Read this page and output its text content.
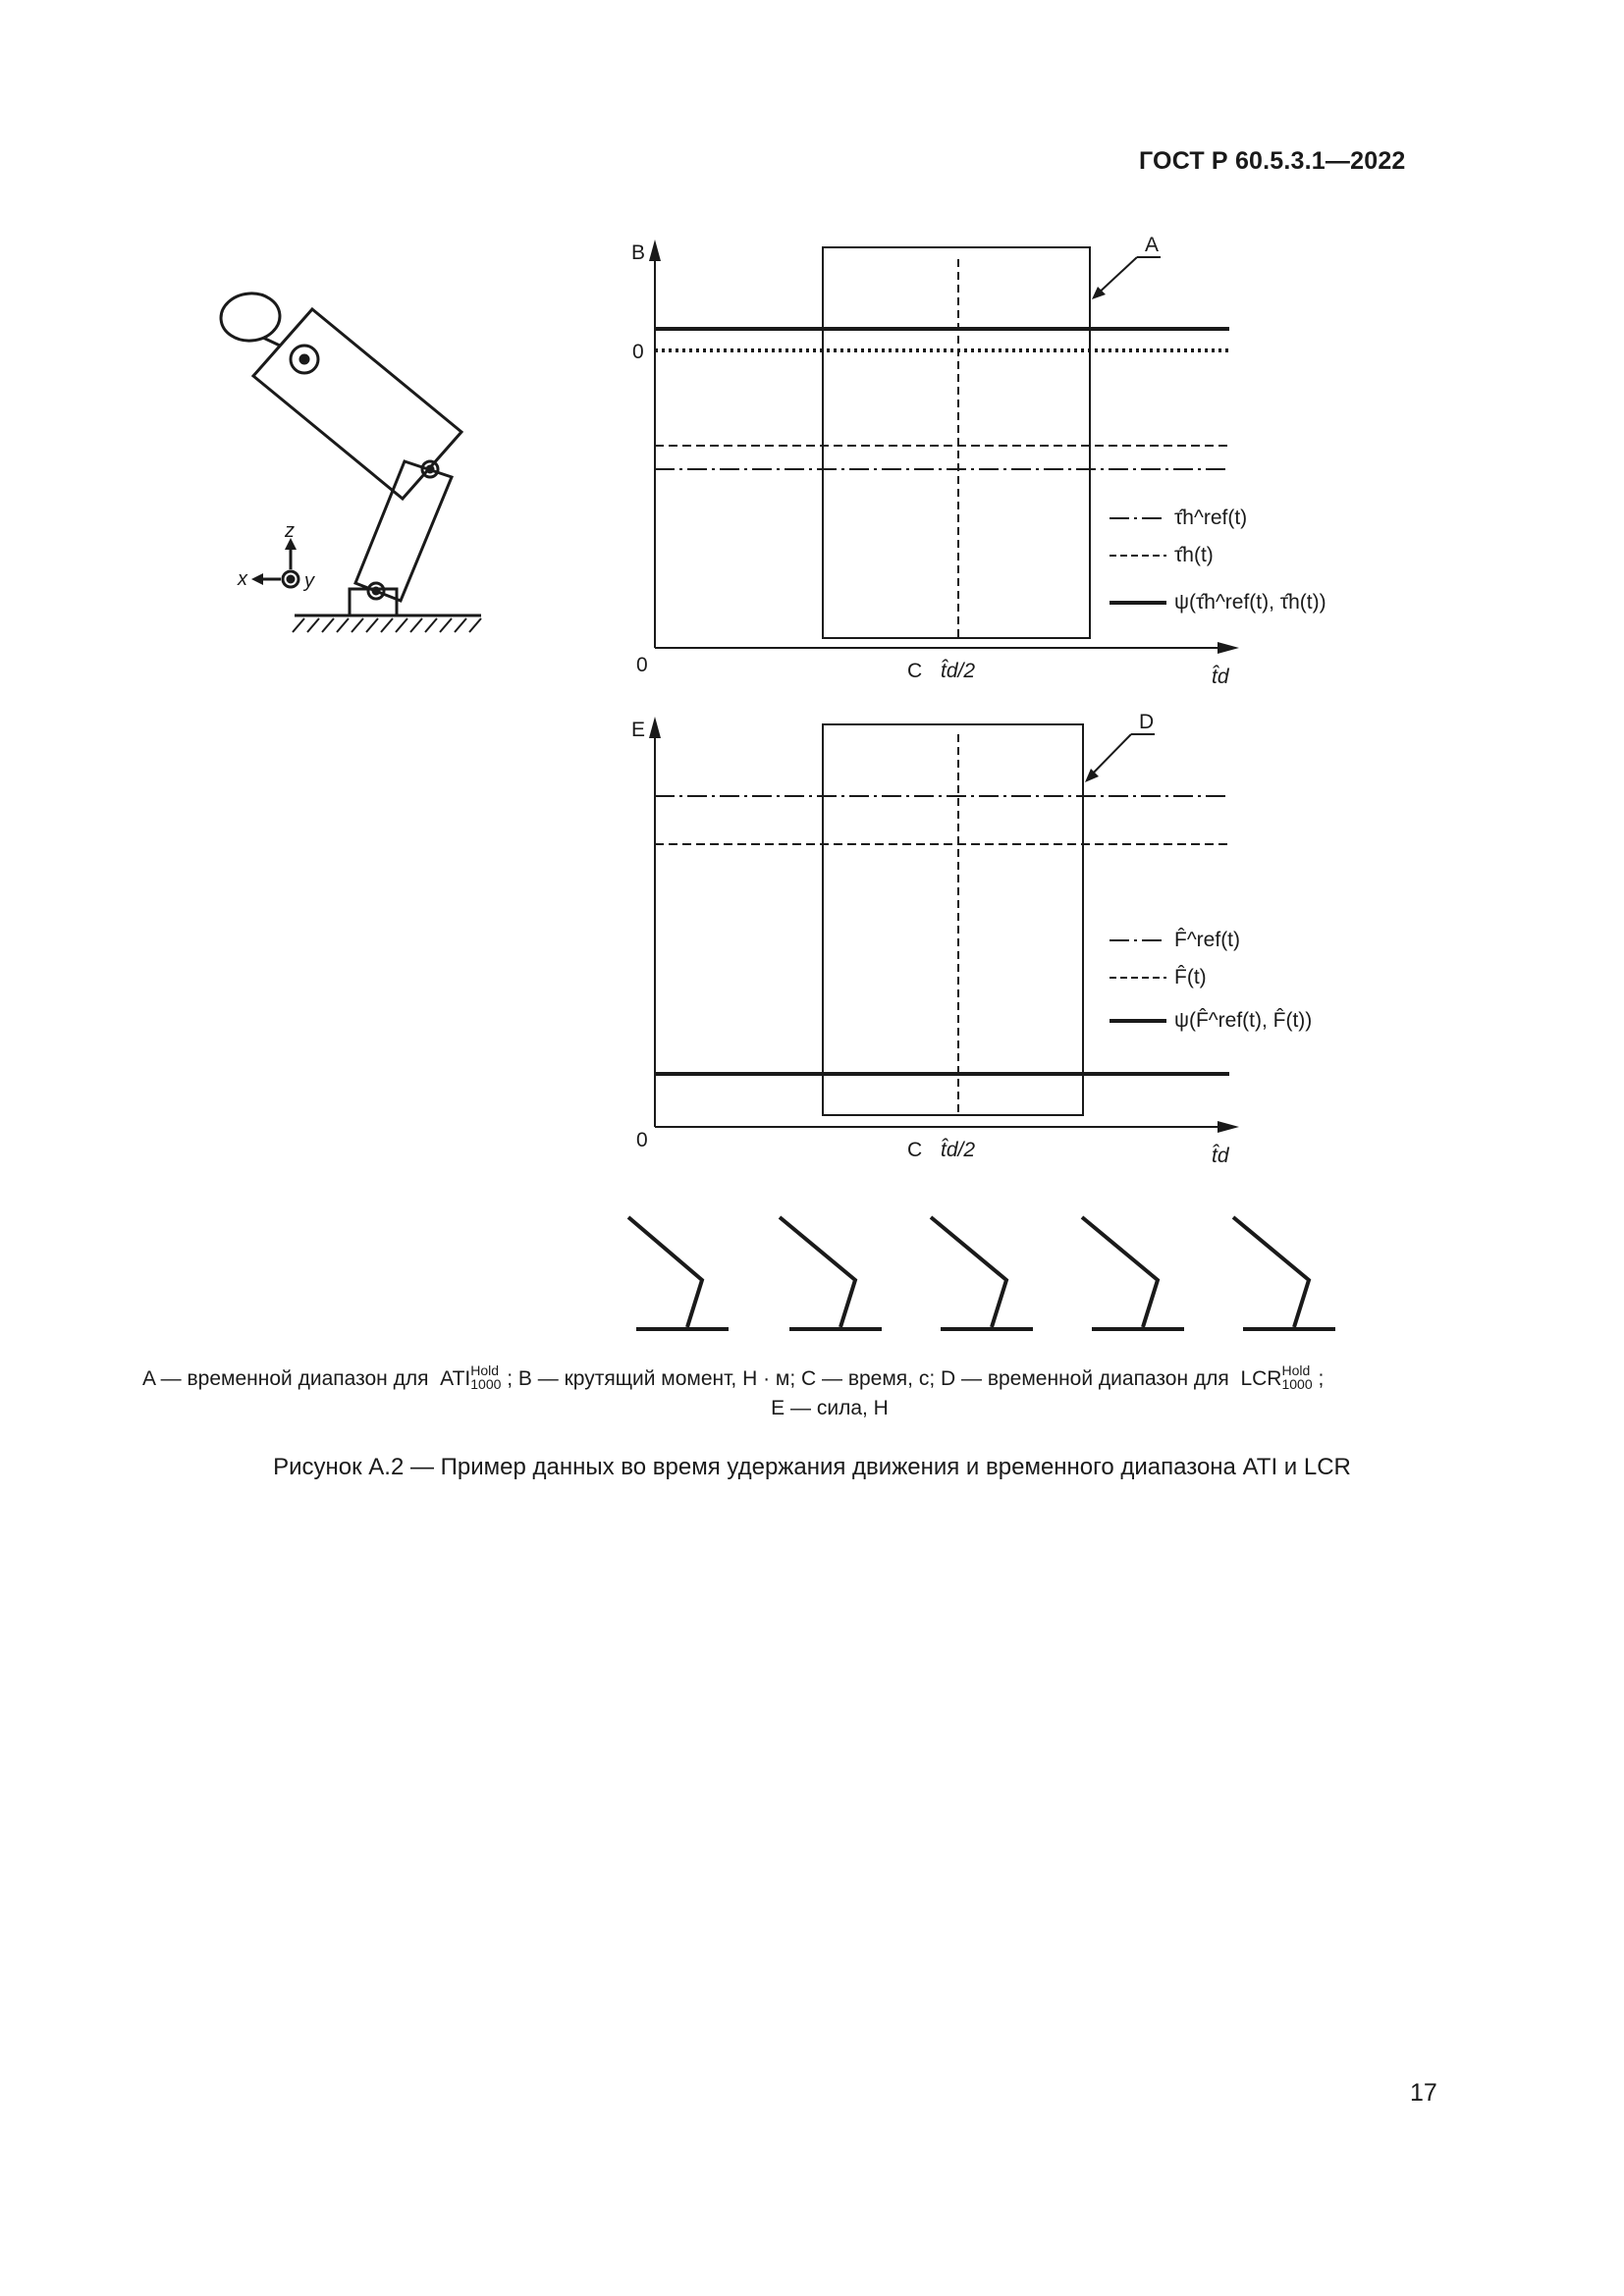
ГОСТ Р 60.5.3.1—2022
z
x	y
B
0
0
A
C t̂d/2	t̂d
τ̂h^ref(t)
τ̂h(t)
ψ(τ̂h^ref(t), τ̂h(t))
E
0
D
C t̂d/2	t̂d
F̂^ref(t)
F̂(t)
ψ(F̂^ref(t), F̂(t))
A — временной диапазон для ATI Hold
1000 ; B — крутящий момент, Н · м; C — время, с; D — временной диапазон для LCR Hold
1000 ;
E — сила, Н
Рисунок А.2 — Пример данных во время удержания движения и временного диапазона ATI и LCR
17
